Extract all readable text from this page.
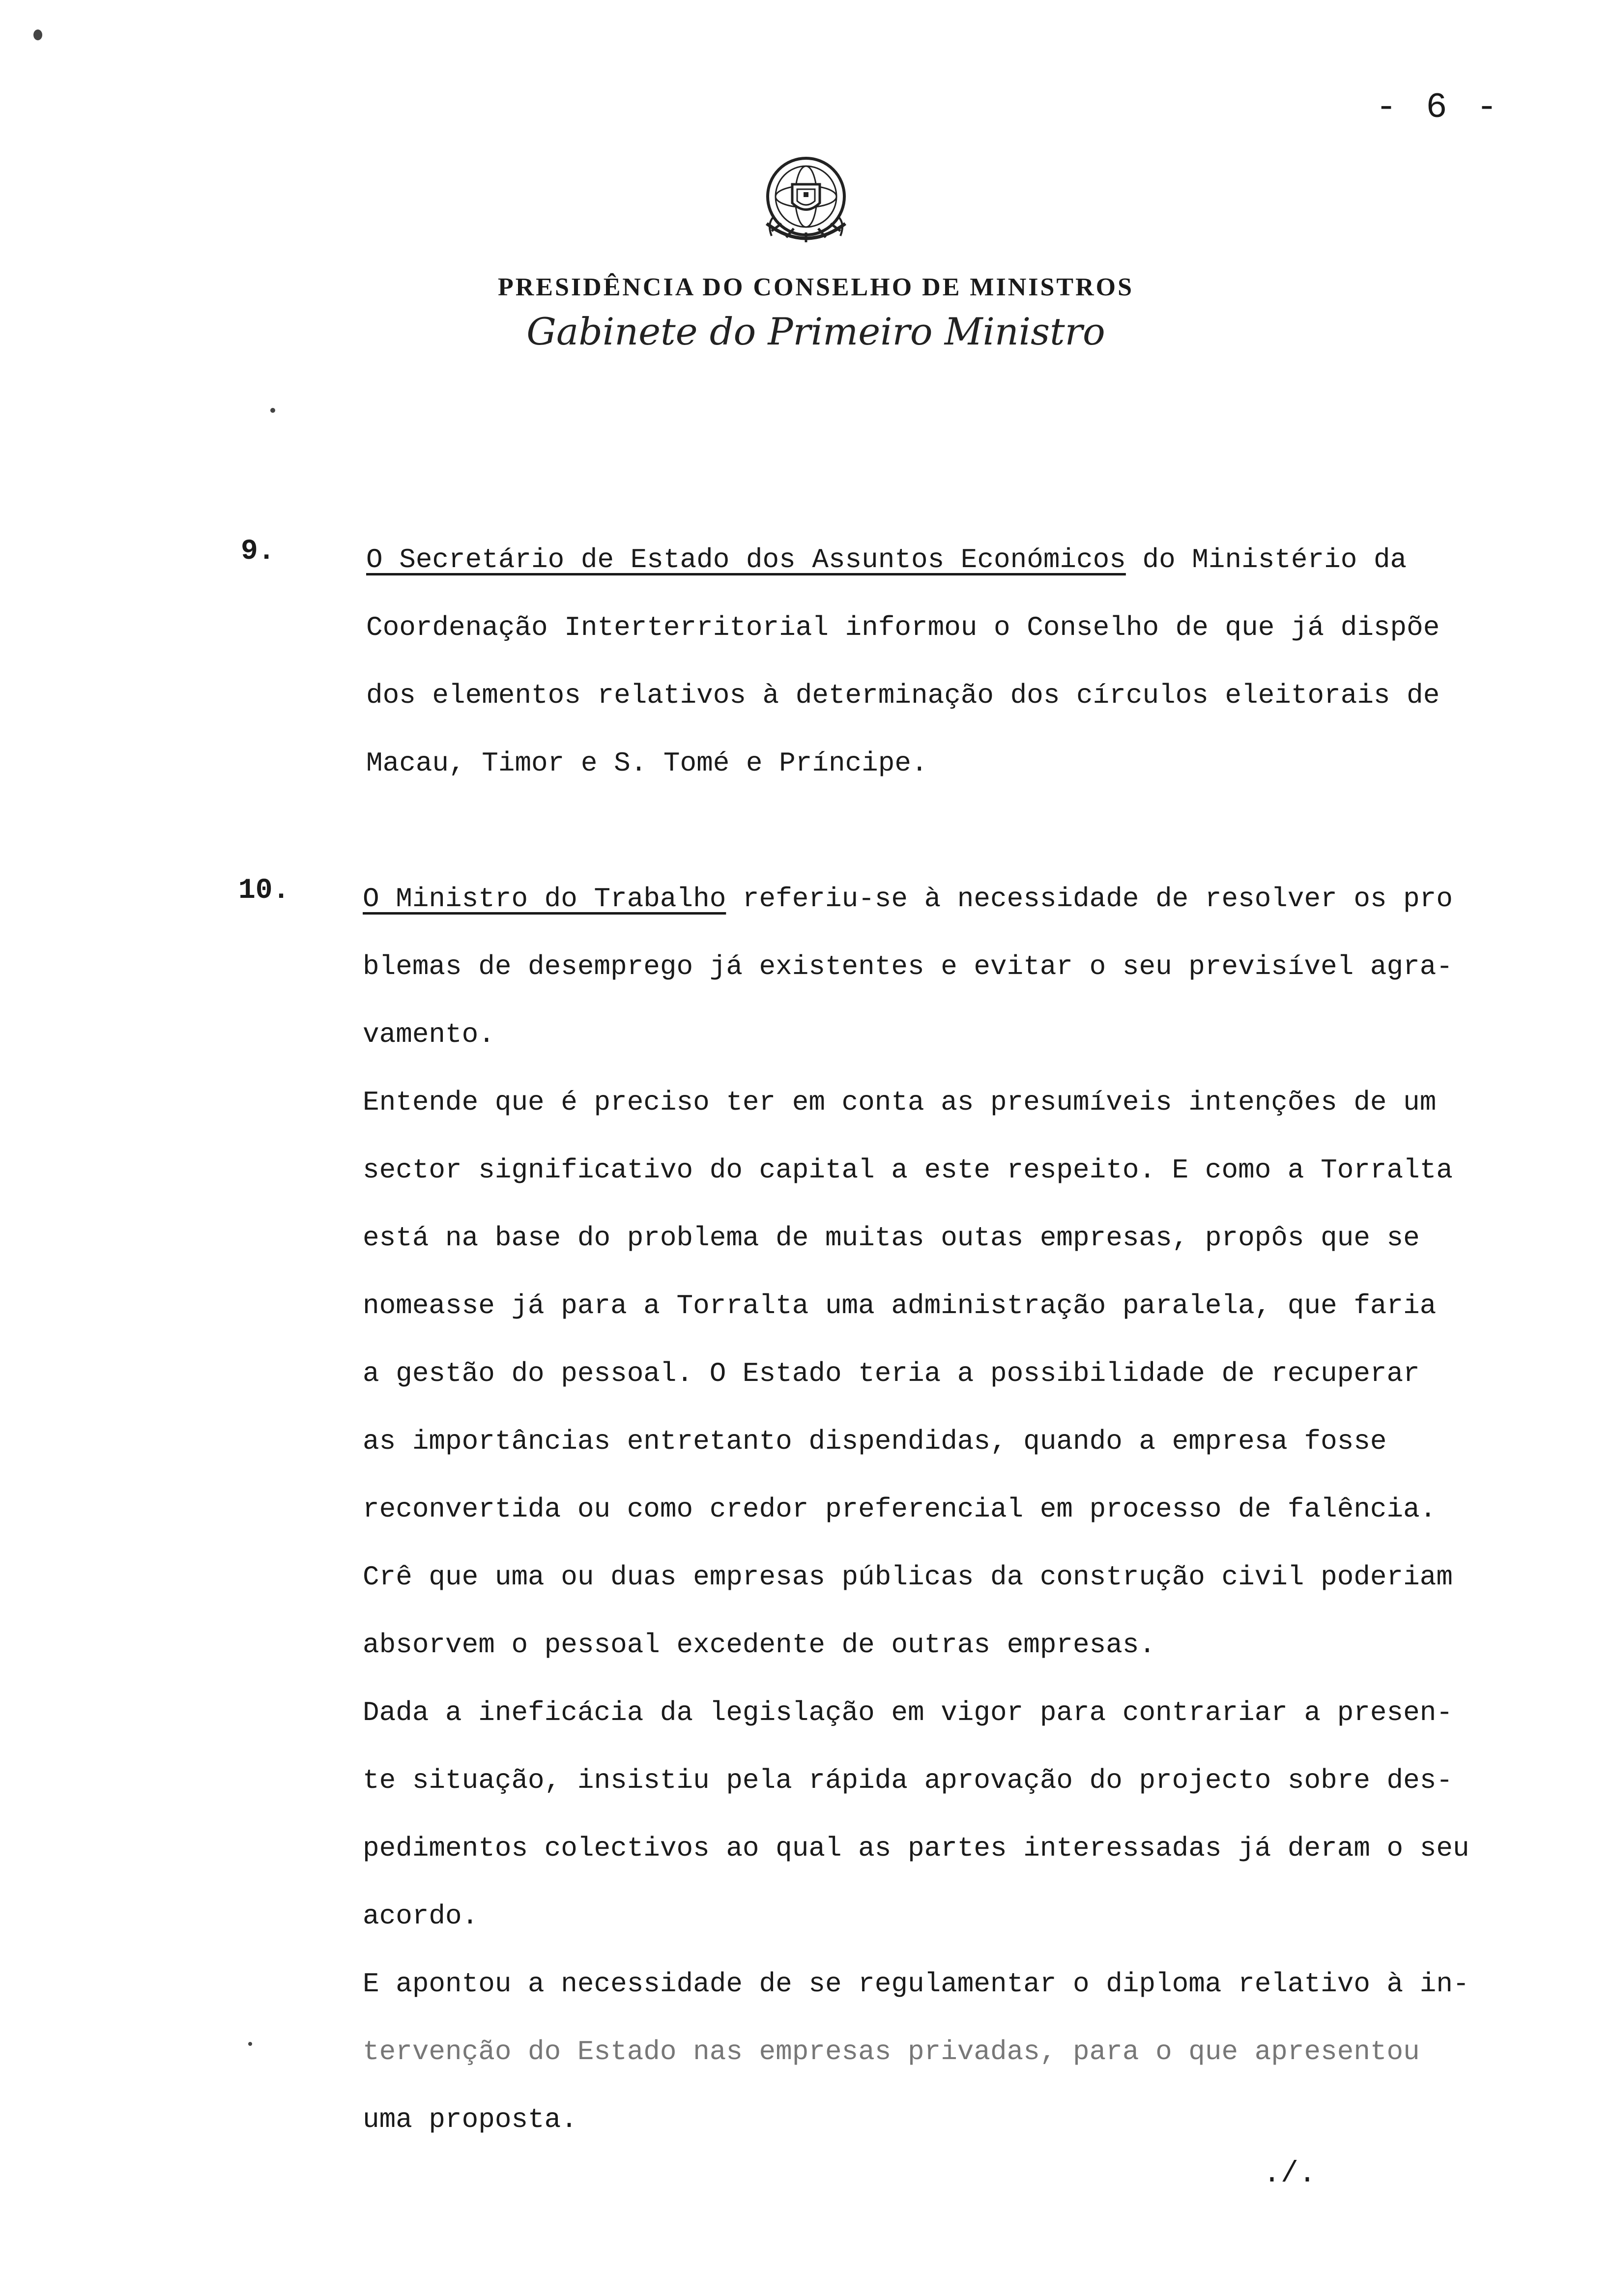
- 6 -
PRESIDÊNCIA DO CONSELHO DE MINISTROS
Gabinete do Primeiro Ministro
9.	O Secretário de Estado dos Assuntos Económicos do Ministério da
Coordenação Interterritorial informou o Conselho de que já dispõe
dos elementos relativos à determinação dos círculos eleitorais de
Macau, Timor e S. Tomé e Príncipe.
10.	O Ministro do Trabalho referiu-se à necessidade de resolver os pro
blemas de desemprego já existentes e evitar o seu previsível agra-
vamento.
Entende que é preciso ter em conta as presumíveis intenções de um
sector significativo do capital a este respeito. E como a Torralta
está na base do problema de muitas outas empresas, propôs que se
nomeasse já para a Torralta uma administração paralela, que faria
a gestão do pessoal. O Estado teria a possibilidade de recuperar
as importâncias entretanto dispendidas, quando a empresa fosse
reconvertida ou como credor preferencial em processo de falência.
Crê que uma ou duas empresas públicas da construção civil poderiam
absorvem o pessoal excedente de outras empresas.
Dada a ineficácia da legislação em vigor para contrariar a presen-
te situação, insistiu pela rápida aprovação do projecto sobre des-
pedimentos colectivos ao qual as partes interessadas já deram o seu
acordo.
E apontou a necessidade de se regulamentar o diploma relativo à in-
tervenção do Estado nas empresas privadas, para o que apresentou
uma proposta.
./.
